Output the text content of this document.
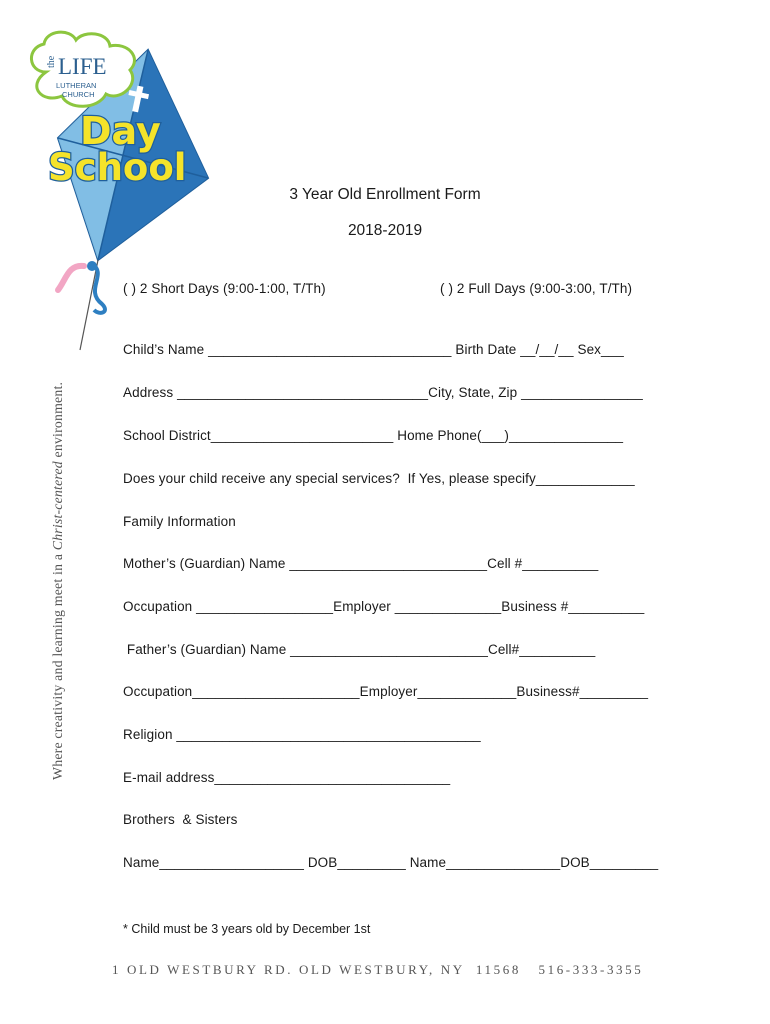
the LIFE
LUTHERAN
CHURCH
Day
School
Where creativity and learning meet in a Christ-centered environment.
3 Year Old Enrollment Form
2018-2019
( ) 2 Short Days (9:00-1:00, T/Th)	( ) 2 Full Days (9:00-3:00, T/Th)
Child’s Name ________________________________ Birth Date __/__/__ Sex___
Address _________________________________City, State, Zip ________________
School District________________________ Home Phone(___)_______________
Does your child receive any special services?  If Yes, please specify_____________
Family Information
Mother’s (Guardian) Name __________________________Cell #__________
Occupation __________________Employer ______________Business #__________
Father’s (Guardian) Name __________________________Cell#__________
Occupation______________________Employer_____________Business#_________
Religion ________________________________________
E-mail address_______________________________
Brothers  & Sisters
Name___________________ DOB_________ Name_______________DOB_________
* Child must be 3 years old by December 1st
1 OLD WESTBURY RD. OLD WESTBURY, NY  11568   516-333-3355
